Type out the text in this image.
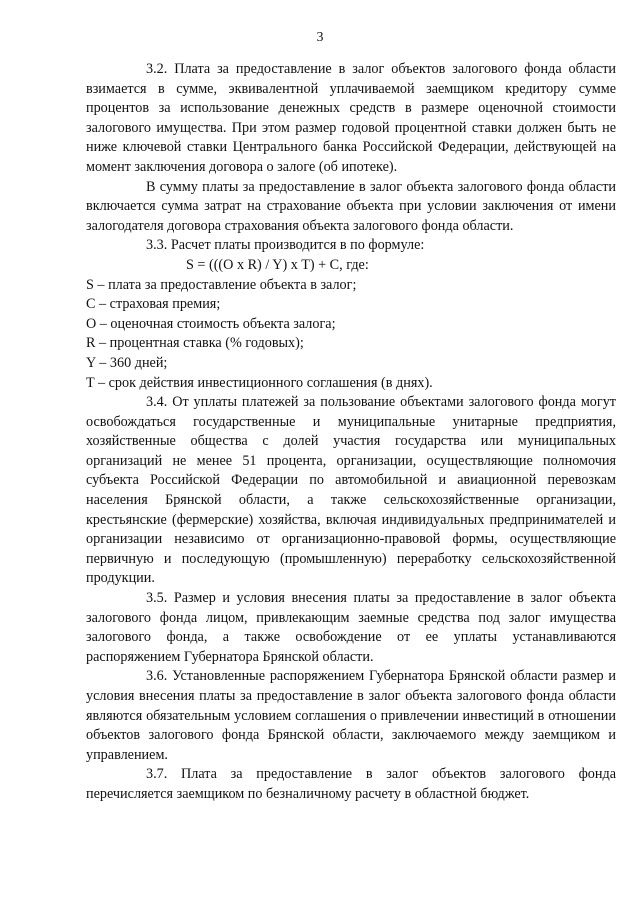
3

3.2. Плата за предоставление в залог объектов залогового фонда области взимается в сумме, эквивалентной уплачиваемой заемщиком кредитору сумме процентов за использование денежных средств в размере оценочной стоимости залогового имущества. При этом размер годовой процентной ставки должен быть не ниже ключевой ставки Центрального банка Российской Федерации, действующей на момент заключения договора о залоге (об ипотеке).

В сумму платы за предоставление в залог объекта залогового фонда области включается сумма затрат на страхование объекта при условии заключения от имени залогодателя договора страхования объекта залогового фонда области.

3.3. Расчет платы производится в по формуле:

S = (((O x R) / Y) x T) + C, где:

S – плата за предоставление объекта в залог;
С – страховая премия;
О – оценочная стоимость объекта залога;
R – процентная ставка (% годовых);
Y – 360 дней;
T – срок действия инвестиционного соглашения (в днях).

3.4. От уплаты платежей за пользование объектами залогового фонда могут освобождаться государственные и муниципальные унитарные предприятия, хозяйственные общества с долей участия государства или муниципальных организаций не менее 51 процента, организации, осуществляющие полномочия субъекта Российской Федерации по автомобильной и авиационной перевозкам населения Брянской области, а также сельскохозяйственные организации, крестьянские (фермерские) хозяйства, включая индивидуальных предпринимателей и организации независимо от организационно-правовой формы, осуществляющие первичную и последующую (промышленную) переработку сельскохозяйственной продукции.

3.5. Размер и условия внесения платы за предоставление в залог объекта залогового фонда лицом, привлекающим заемные средства под залог имущества залогового фонда, а также освобождение от ее уплаты устанавливаются распоряжением Губернатора Брянской области.

3.6. Установленные распоряжением Губернатора Брянской области размер и условия внесения платы за предоставление в залог объекта залогового фонда области являются обязательным условием соглашения о привлечении инвестиций в отношении объектов залогового фонда Брянской области, заключаемого между заемщиком и управлением.

3.7. Плата за предоставление в залог объектов залогового фонда перечисляется заемщиком по безналичному расчету в областной бюджет.
